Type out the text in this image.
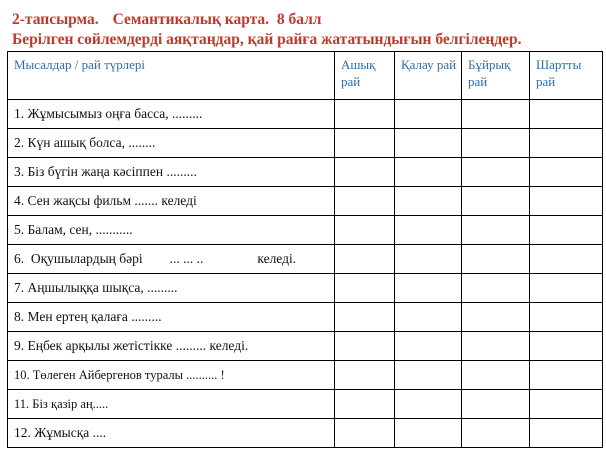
2-тапсырма. Семантикалық карта. 8 балл
Берілген сөйлемдерді аяқтаңдар, қай райға жататындығын белгілеңдер.
Мысалдар / рай түрлері	Ашық рай	Қалау рай	Бұйрық рай	Шартты рай
1. Жұмысымыз оңға басса, .........				
2. Күн ашық болса, ........				
3. Біз бүгін жаңа кәсіппен .........				
4. Сен жақсы фильм ....... келеді				
5. Балам, сен, ...........				
6.  Оқушылардың бәрі        ... ... ..                келеді.				
7. Аңшылыққа шықса, .........				
8. Мен ертең қалаға .........				
9. Еңбек арқылы жетістікке ......... келеді.				
10. Төлеген Айбергенов туралы .......... !				
11. Біз қазір аң.....				
12. Жұмысқа ....				
